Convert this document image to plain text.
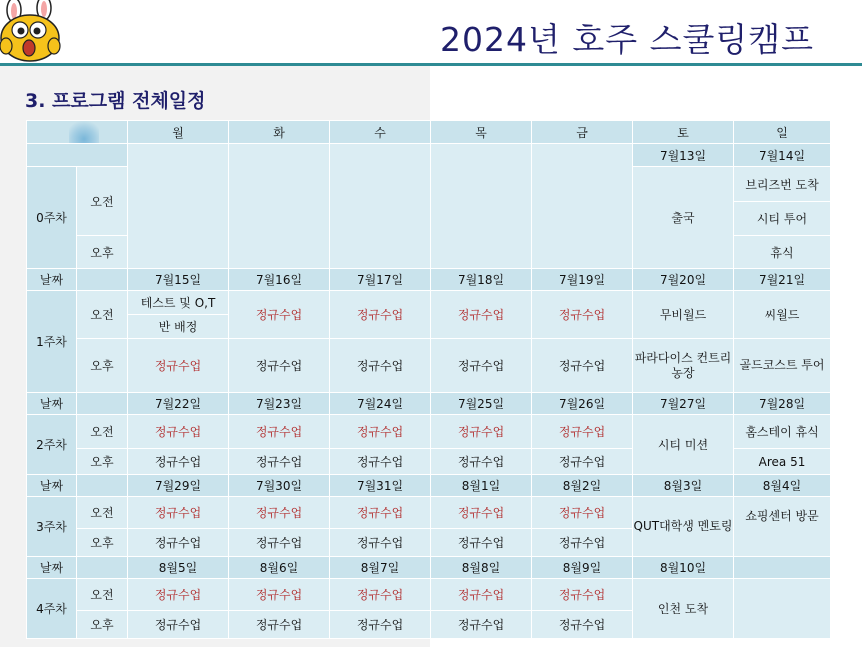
2024년 호주 스쿨링캠프
3. 프로그램 전체일정
		월	화	수	목	금	토	일
							7월13일	7월14일
0주차	오전						출국	브리즈번 도착
								시티 투어
	오후							휴식
날짜		7월15일	7월16일	7월17일	7월18일	7월19일	7월20일	7월21일
1주차	오전	테스트 및 O,T	정규수업	정규수업	정규수업	정규수업	무비월드	씨월드
		반 배정						
	오후	정규수업	정규수업	정규수업	정규수업	정규수업	파라다이스 컨트리 농장	골드코스트 투어
날짜		7월22일	7월23일	7월24일	7월25일	7월26일	7월27일	7월28일
2주차	오전	정규수업	정규수업	정규수업	정규수업	정규수업	시티 미션	홈스테이 휴식
	오후	정규수업	정규수업	정규수업	정규수업	정규수업		Area 51
날짜		7월29일	7월30일	7월31일	8월1일	8월2일	8월3일	8월4일
3주차	오전	정규수업	정규수업	정규수업	정규수업	정규수업	QUT대학생 멘토링	쇼핑센터 방문
	오후	정규수업	정규수업	정규수업	정규수업	정규수업		
날짜		8월5일	8월6일	8월7일	8월8일	8월9일	8월10일	
4주차	오전	정규수업	정규수업	정규수업	정규수업	정규수업	인천 도착	
	오후	정규수업	정규수업	정규수업	정규수업	정규수업		
